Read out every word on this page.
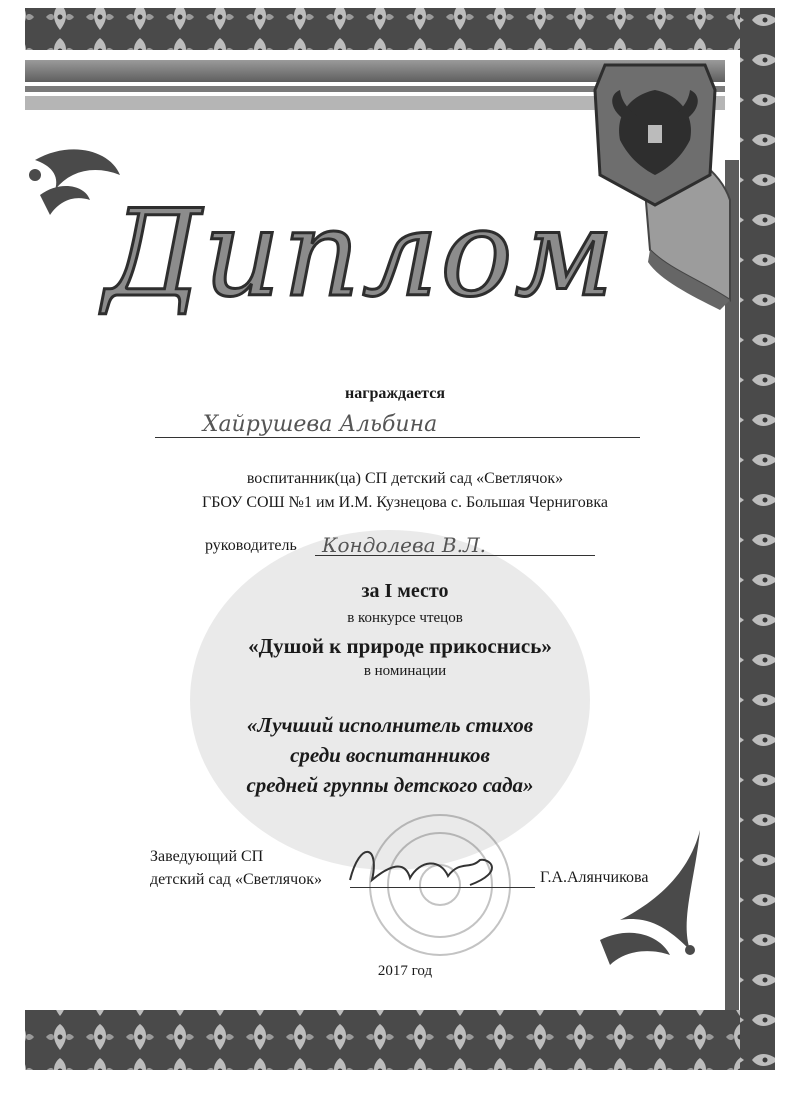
Диплом
награждается
Хайрушева Альбина
воспитанник(ца) СП детский сад «Светлячок»
ГБОУ СОШ №1 им И.М. Кузнецова с. Большая Черниговка
руководитель Кондолева В.Л.
за I место
в конкурсе чтецов
«Душой к природе прикоснись»
в номинации
«Лучший исполнитель стихов
среди воспитанников
средней группы детского сада»
Заведующий СП
детский сад «Светлячок»	Г.А.Алянчикова
2017 год
